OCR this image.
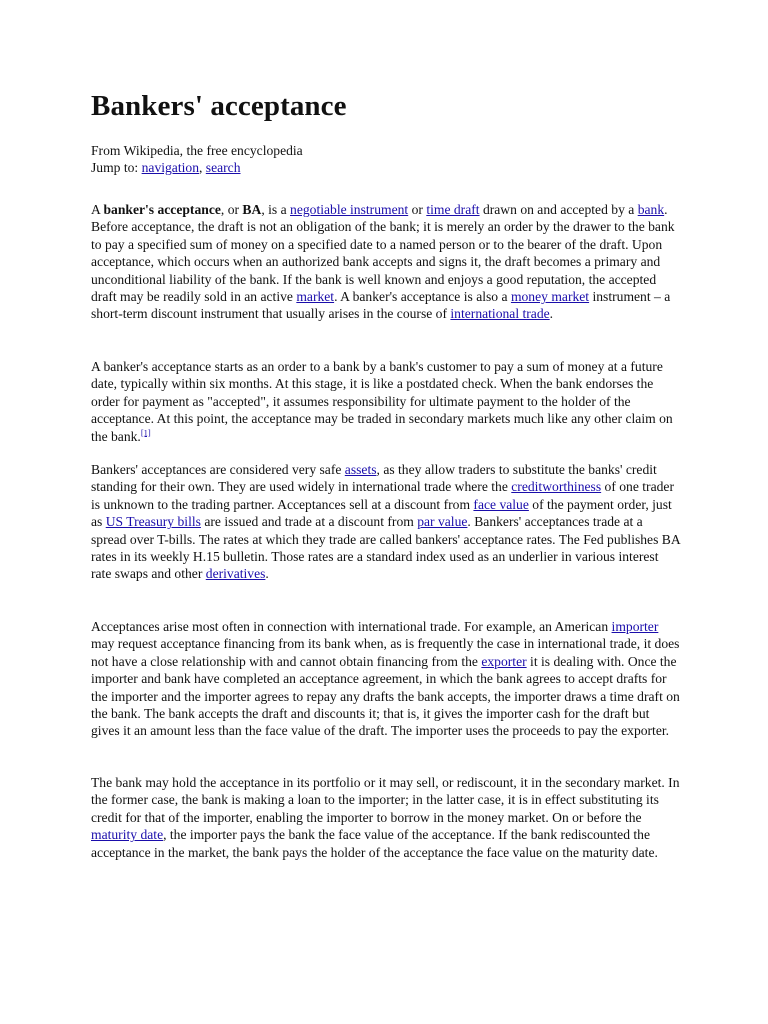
Bankers' acceptance
From Wikipedia, the free encyclopedia
Jump to: navigation, search

A banker's acceptance, or BA, is a negotiable instrument or time draft drawn on and accepted by a bank. Before acceptance, the draft is not an obligation of the bank; it is merely an order by the drawer to the bank to pay a specified sum of money on a specified date to a named person or to the bearer of the draft. Upon acceptance, which occurs when an authorized bank accepts and signs it, the draft becomes a primary and unconditional liability of the bank. If the bank is well known and enjoys a good reputation, the accepted draft may be readily sold in an active market. A banker's acceptance is also a money market instrument – a short-term discount instrument that usually arises in the course of international trade.

A banker's acceptance starts as an order to a bank by a bank's customer to pay a sum of money at a future date, typically within six months. At this stage, it is like a postdated check. When the bank endorses the order for payment as "accepted", it assumes responsibility for ultimate payment to the holder of the acceptance. At this point, the acceptance may be traded in secondary markets much like any other claim on the bank.[1]

Bankers' acceptances are considered very safe assets, as they allow traders to substitute the banks' credit standing for their own. They are used widely in international trade where the creditworthiness of one trader is unknown to the trading partner. Acceptances sell at a discount from face value of the payment order, just as US Treasury bills are issued and trade at a discount from par value. Bankers' acceptances trade at a spread over T-bills. The rates at which they trade are called bankers' acceptance rates. The Fed publishes BA rates in its weekly H.15 bulletin. Those rates are a standard index used as an underlier in various interest rate swaps and other derivatives.

Acceptances arise most often in connection with international trade. For example, an American importer may request acceptance financing from its bank when, as is frequently the case in international trade, it does not have a close relationship with and cannot obtain financing from the exporter it is dealing with. Once the importer and bank have completed an acceptance agreement, in which the bank agrees to accept drafts for the importer and the importer agrees to repay any drafts the bank accepts, the importer draws a time draft on the bank. The bank accepts the draft and discounts it; that is, it gives the importer cash for the draft but gives it an amount less than the face value of the draft. The importer uses the proceeds to pay the exporter.

The bank may hold the acceptance in its portfolio or it may sell, or rediscount, it in the secondary market. In the former case, the bank is making a loan to the importer; in the latter case, it is in effect substituting its credit for that of the importer, enabling the importer to borrow in the money market. On or before the maturity date, the importer pays the bank the face value of the acceptance. If the bank rediscounted the acceptance in the market, the bank pays the holder of the acceptance the face value on the maturity date.
